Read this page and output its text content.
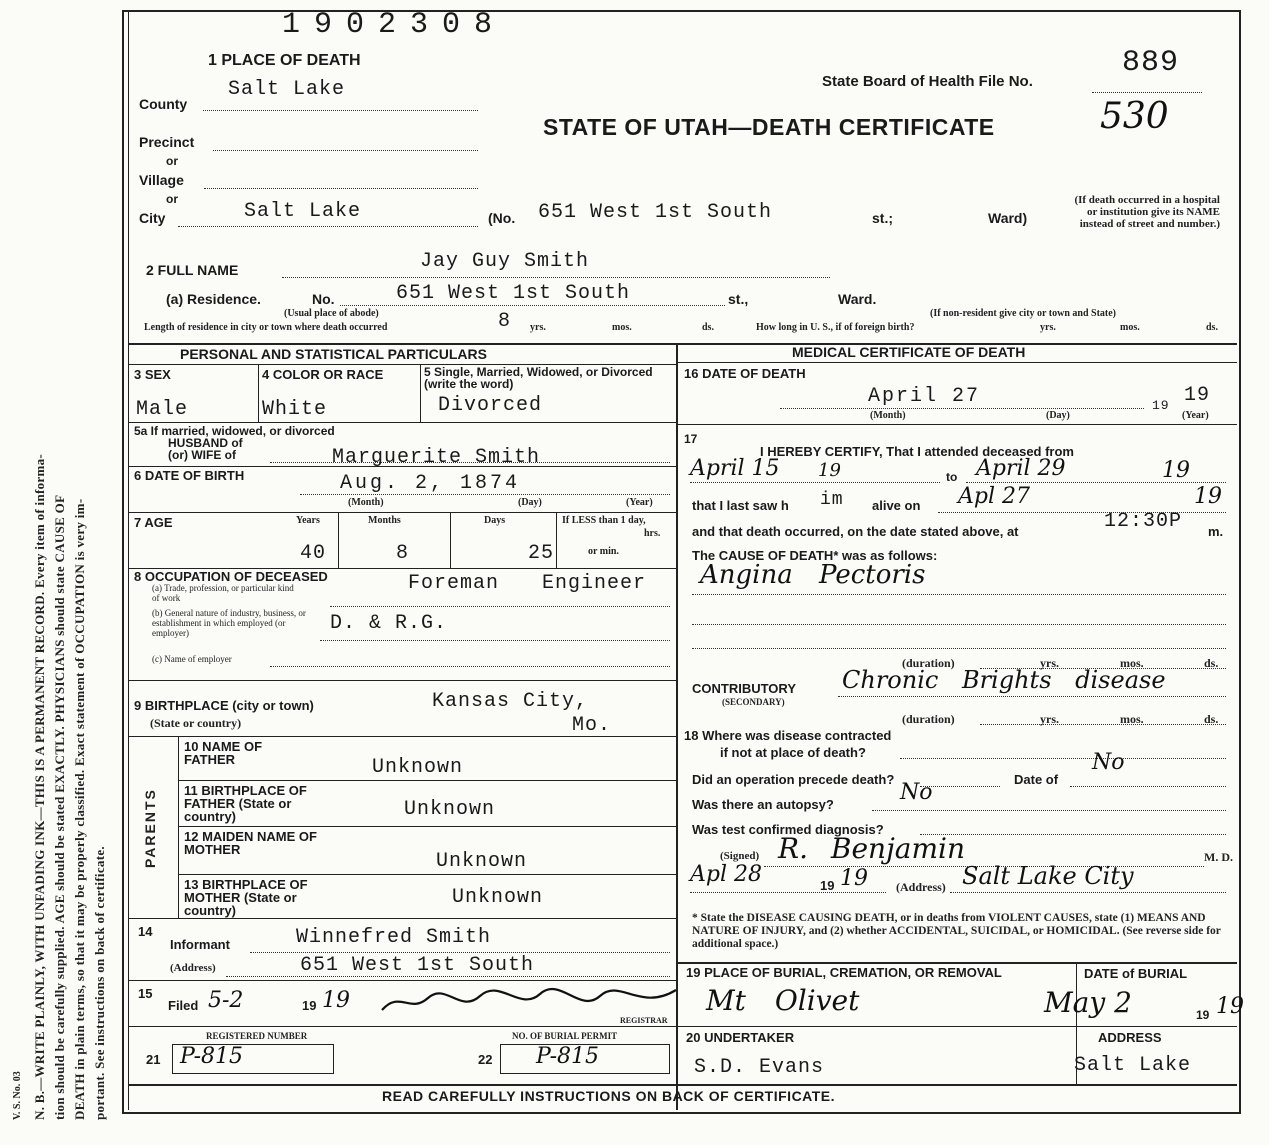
N. B.—WRITE PLAINLY, WITH UNFADING INK—THIS IS A PERMANENT RECORD. Every item of informa- tion should be carefully supplied. AGE should be stated EXACTLY. PHYSICIANS should state CAUSE OF DEATH in plain terms, so that it may be properly classified. Exact statement of OCCUPATION is very im- portant. See instructions on back of certificate.
V. S. No. 03
1902308
1 PLACE OF DEATH
State Board of Health File No.
889
STATE OF UTAH—DEATH CERTIFICATE	530
County
Salt Lake
Precinct
or
Village
or
City	Salt Lake	(No. 651 West 1st South	st.;	Ward)
(If death occurred in a hospital or institution give its NAME instead of street and number.)
2 FULL NAME	Jay Guy Smith
(a) Residence.	No.	651 West 1st South	st.,	Ward.
(Usual place of abode)	(If non-resident give city or town and State)
Length of residence in city or town where death occurred	8 yrs.	mos.	ds.	How long in U. S., if of foreign birth?	yrs.	mos.	ds.
PERSONAL AND STATISTICAL PARTICULARS	MEDICAL CERTIFICATE OF DEATH
3 SEX	4 COLOR OR RACE	5 Single, Married, Widowed, or Divorced (write the word)
Male	White	Divorced
5a If married, widowed, or divorced
HUSBAND of
(or) WIFE of	Marguerite Smith
6 DATE OF BIRTH	Aug. 2, 1874
(Month)	(Day)	(Year)
7 AGE	Years	Months	Days	If LESS than 1 day,
hrs.
or min.
40	8	25
8 OCCUPATION OF DECEASED
(a) Trade, profession, or particular kind of work
(b) General nature of industry, business, or establishment in which employed (or employer)
(c) Name of employer
Foreman Engineer
D. & R.G.
9 BIRTHPLACE (city or town)
(State or country)
Kansas City,
Mo.
PARENTS
10 NAME OF FATHER	Unknown
11 BIRTHPLACE OF FATHER (State or country)	Unknown
12 MAIDEN NAME OF MOTHER
Unknown
13 BIRTHPLACE OF MOTHER (State or country)
Unknown
14
Informant	Winnefred Smith
(Address)	651 West 1st South
15
Filed 5-2	19 19
REGISTRAR
REGISTERED NUMBER	NO. OF BURIAL PERMIT
21 P-815	22 P-815
16 DATE OF DEATH
April 27	19 19
(Month)	(Day)	(Year)
17
I HEREBY CERTIFY, That I attended deceased from
April 15 19	to April 29	19
that I last saw h im alive on Apl 27	19
and that death occurred, on the date stated above, at	12:30P m.
The CAUSE OF DEATH* was as follows:
Angina Pectoris
(duration)	yrs.	mos.	ds.
CONTRIBUTORY
(SECONDARY)
Chronic Brights disease
(duration)	yrs.	mos.	ds.
18 Where was disease contracted
if not at place of death?
Did an operation precede death?	Date of
No
Was there an autopsy?	No
Was test confirmed diagnosis?
(Signed) R. Benjamin	M. D.
Apl 28	19 19 (Address) Salt Lake City
* State the DISEASE CAUSING DEATH, or in deaths from VIOLENT CAUSES, state (1) MEANS AND NATURE OF INJURY, and (2) whether ACCIDENTAL, SUICIDAL, or HOMICIDAL. (See reverse side for additional space.)
19 PLACE OF BURIAL, CREMATION, OR REMOVAL	DATE of BURIAL
Mt Olivet	May 2	19 19
20 UNDERTAKER	ADDRESS
S.D. Evans	Salt Lake
READ CAREFULLY INSTRUCTIONS ON BACK OF CERTIFICATE.
